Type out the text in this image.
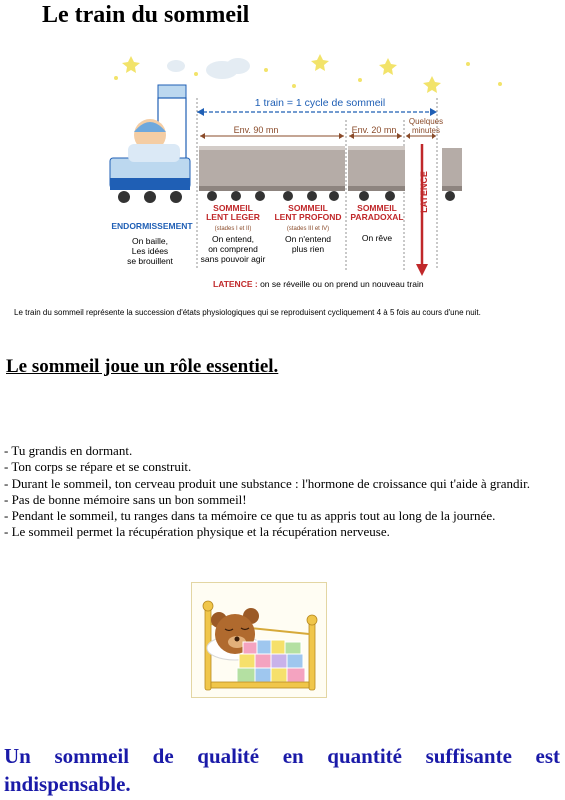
Le train du sommeil
1 train = 1 cycle de sommeil
Env. 90 mn	Env. 20 mn
Quelques
minutes
LATENCE
ENDORMISSEMENT
On baille,
Les idées
se brouillent
SOMMEIL
LENT LEGER
(stades I et II)
On entend,
on comprend
sans pouvoir agir
SOMMEIL
LENT PROFOND
(stades III et IV)
On n'entend
plus rien
SOMMEIL
PARADOXAL
On rêve
LATENCE : on se réveille ou on prend un nouveau train
Le train du sommeil représente la succession d'états physiologiques qui se reproduisent cycliquement 4 à 5 fois au cours d'une nuit.
Le sommeil joue un rôle essentiel.
- Tu grandis en dormant.
- Ton corps se répare et se construit.
- Durant le sommeil, ton cerveau produit une substance : l'hormone de croissance qui t'aide à grandir.
- Pas de bonne mémoire sans un bon sommeil!
- Pendant le sommeil, tu ranges dans ta mémoire ce que tu as appris tout au long de la journée.
- Le sommeil permet la récupération physique et la récupération nerveuse.

Un sommeil de qualité en quantité suffisante est indispensable.
